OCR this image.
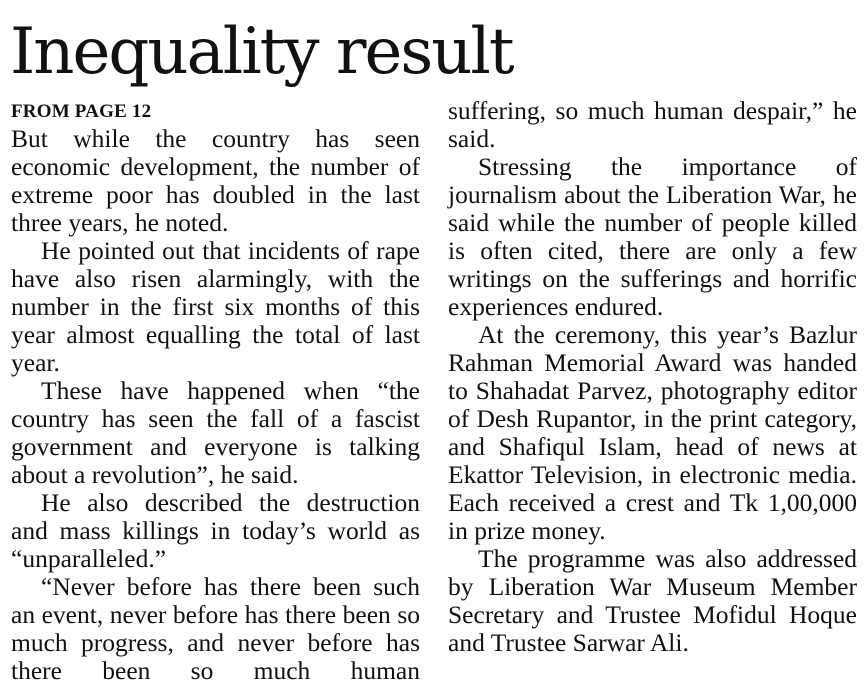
Inequality result
FROM PAGE 12

But while the country has seen economic development, the number of extreme poor has doubled in the last three years, he noted.

He pointed out that incidents of rape have also risen alarmingly, with the number in the first six months of this year almost equalling the total of last year.

These have happened when “the country has seen the fall of a fascist government and everyone is talking about a revolution”, he said.

He also described the destruction and mass killings in today’s world as “unparalleled.”

“Never before has there been such an event, never before has there been so much progress, and never before has there been so much human

suffering, so much human despair,” he said.

Stressing the importance of journalism about the Liberation War, he said while the number of people killed is often cited, there are only a few writings on the sufferings and horrific experiences endured.

At the ceremony, this year’s Bazlur Rahman Memorial Award was handed to Shahadat Parvez, photography editor of Desh Rupantor, in the print category, and Shafiqul Islam, head of news at Ekattor Television, in electronic media. Each received a crest and Tk 1,00,000 in prize money.

The programme was also addressed by Liberation War Museum Member Secretary and Trustee Mofidul Hoque and Trustee Sarwar Ali.
